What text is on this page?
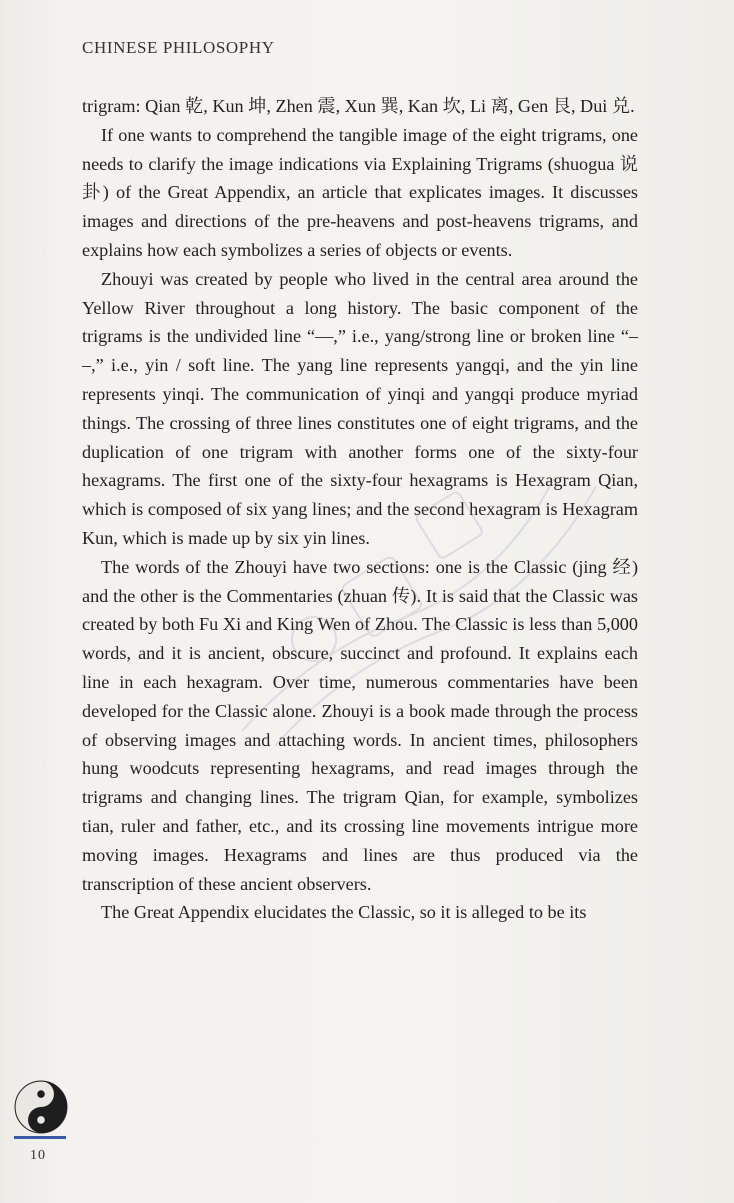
CHINESE PHILOSOPHY

trigram: Qian 乾, Kun 坤, Zhen 震, Xun 巽, Kan 坎, Li 离, Gen 艮, Dui 兑.

If one wants to comprehend the tangible image of the eight trigrams, one needs to clarify the image indications via Explaining Trigrams (shuogua 说卦) of the Great Appendix, an article that explicates images. It discusses images and directions of the pre-heavens and post-heavens trigrams, and explains how each symbolizes a series of objects or events.

Zhouyi was created by people who lived in the central area around the Yellow River throughout a long history. The basic component of the trigrams is the undivided line “—,” i.e., yang/strong line or broken line “– –,” i.e., yin / soft line. The yang line represents yangqi, and the yin line represents yinqi. The communication of yinqi and yangqi produce myriad things. The crossing of three lines constitutes one of eight trigrams, and the duplication of one trigram with another forms one of the sixty-four hexagrams. The first one of the sixty-four hexagrams is Hexagram Qian, which is composed of six yang lines; and the second hexagram is Hexagram Kun, which is made up by six yin lines.

The words of the Zhouyi have two sections: one is the Classic (jing 经) and the other is the Commentaries (zhuan 传). It is said that the Classic was created by both Fu Xi and King Wen of Zhou. The Classic is less than 5,000 words, and it is ancient, obscure, succinct and profound. It explains each line in each hexagram. Over time, numerous commentaries have been developed for the Classic alone. Zhouyi is a book made through the process of observing images and attaching words. In ancient times, philosophers hung woodcuts representing hexagrams, and read images through the trigrams and changing lines. The trigram Qian, for example, symbolizes tian, ruler and father, etc., and its crossing line movements intrigue more moving images. Hexagrams and lines are thus produced via the transcription of these ancient observers.

The Great Appendix elucidates the Classic, so it is alleged to be its

10
